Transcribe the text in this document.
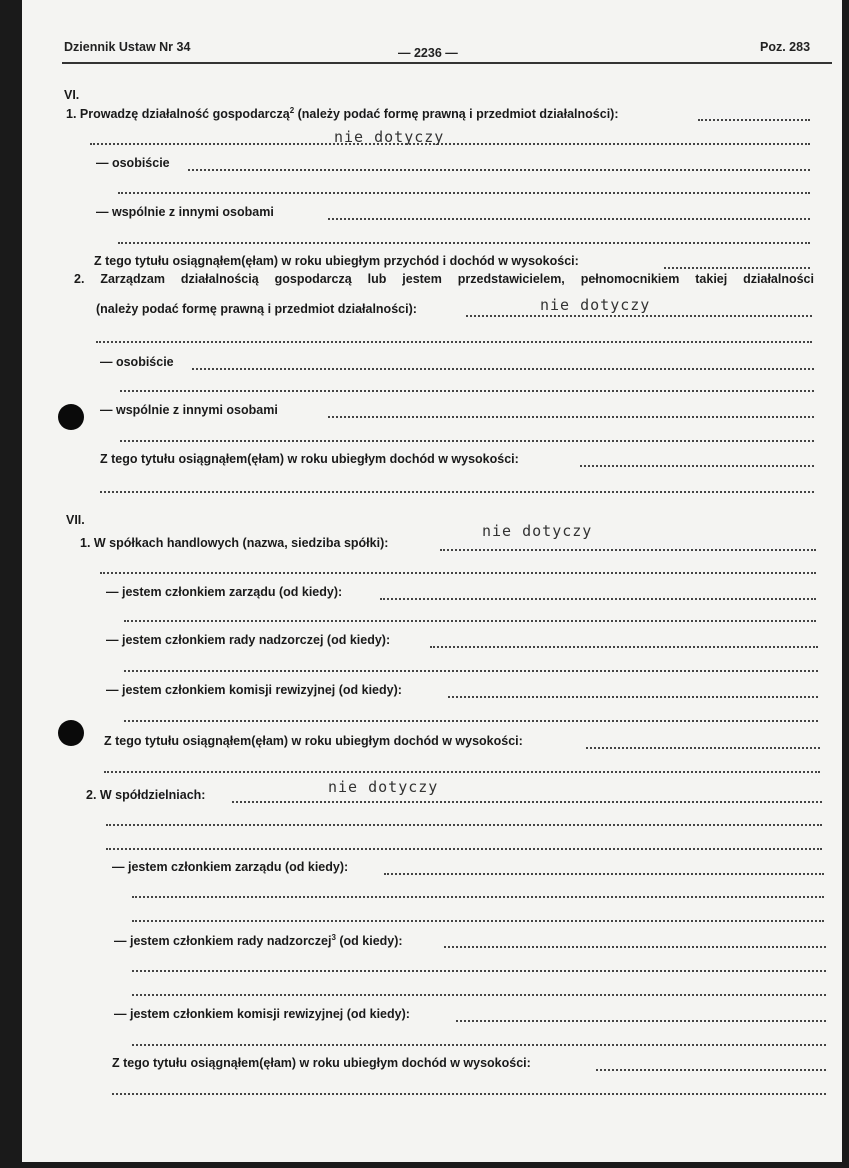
Dziennik Ustaw Nr 34	— 2236 —	Poz. 283
VI.
1. Prowadzę działalność gospodarczą$^2$ (należy podać formę prawną i przedmiot działalności):
nie dotyczy
— osobiście
— wspólnie z innymi osobami
Z tego tytułu osiągnąłem(ęłam) w roku ubiegłym przychód i dochód w wysokości:
2. Zarządzam działalnością gospodarczą lub jestem przedstawicielem, pełnomocnikiem takiej działalności
(należy podać formę prawną i przedmiot działalności):	nie dotyczy
— osobiście
— wspólnie z innymi osobami
Z tego tytułu osiągnąłem(ęłam) w roku ubiegłym dochód w wysokości:
VII.
1. W spółkach handlowych (nazwa, siedziba spółki):
nie dotyczy
— jestem członkiem zarządu (od kiedy):
— jestem członkiem rady nadzorczej (od kiedy):
— jestem członkiem komisji rewizyjnej (od kiedy):
Z tego tytułu osiągnąłem(ęłam) w roku ubiegłym dochód w wysokości:
2. W spółdzielniach:	nie dotyczy
— jestem członkiem zarządu (od kiedy):
— jestem członkiem rady nadzorczej$^3$ (od kiedy):
— jestem członkiem komisji rewizyjnej (od kiedy):
Z tego tytułu osiągnąłem(ęłam) w roku ubiegłym dochód w wysokości:
